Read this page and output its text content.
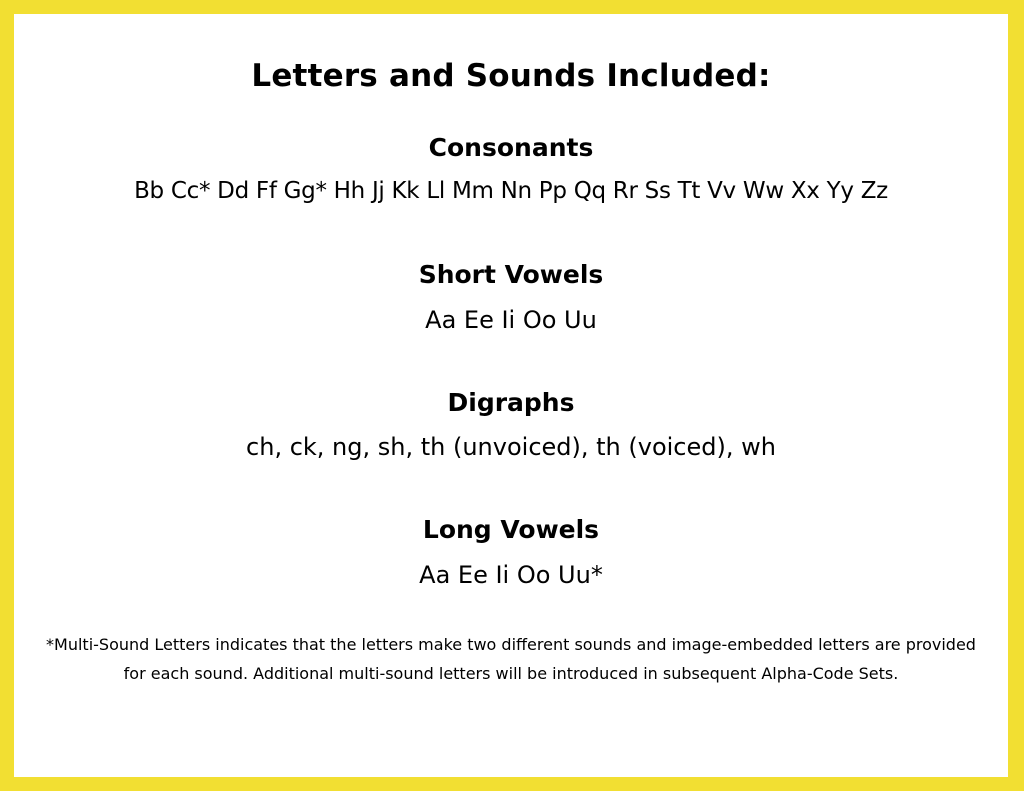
Letters and Sounds Included:
Consonants
Bb Cc* Dd Ff Gg* Hh Jj Kk Ll Mm Nn Pp Qq Rr Ss Tt Vv Ww Xx Yy Zz
Short Vowels
Aa Ee Ii Oo Uu
Digraphs
ch, ck, ng, sh, th (unvoiced), th (voiced), wh
Long Vowels
Aa Ee Ii Oo Uu*
*Multi-Sound Letters indicates that the letters make two different sounds and image-embedded letters are provided for each sound. Additional multi-sound letters will be introduced in subsequent Alpha-Code Sets.
